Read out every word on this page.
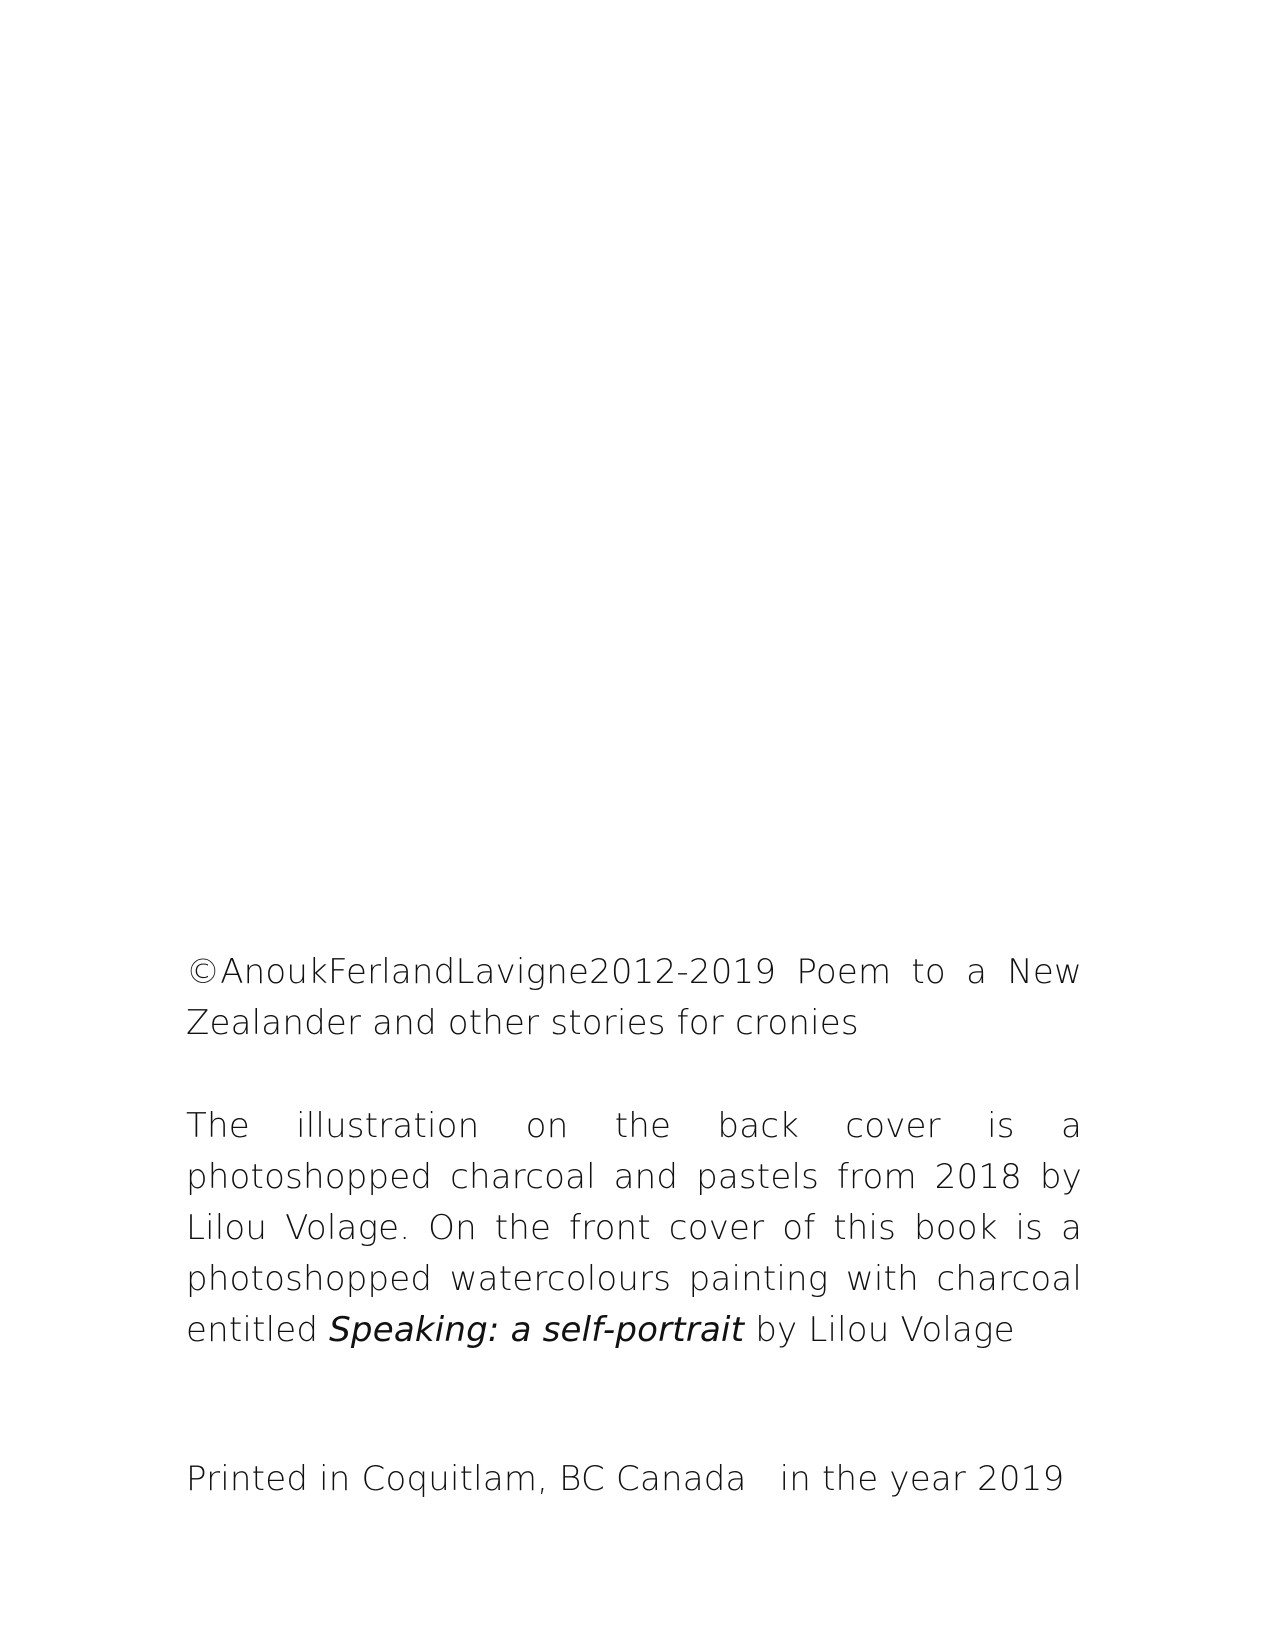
©AnoukFerlandLavigne2012-2019 Poem to a New Zealander and other stories for cronies

The illustration on the back cover is a photoshopped charcoal and pastels from 2018 by Lilou Volage. On the front cover of this book is a photoshopped watercolours painting with charcoal entitled Speaking: a self-portrait by Lilou Volage

Printed in Coquitlam, BC Canada   in the year 2019
